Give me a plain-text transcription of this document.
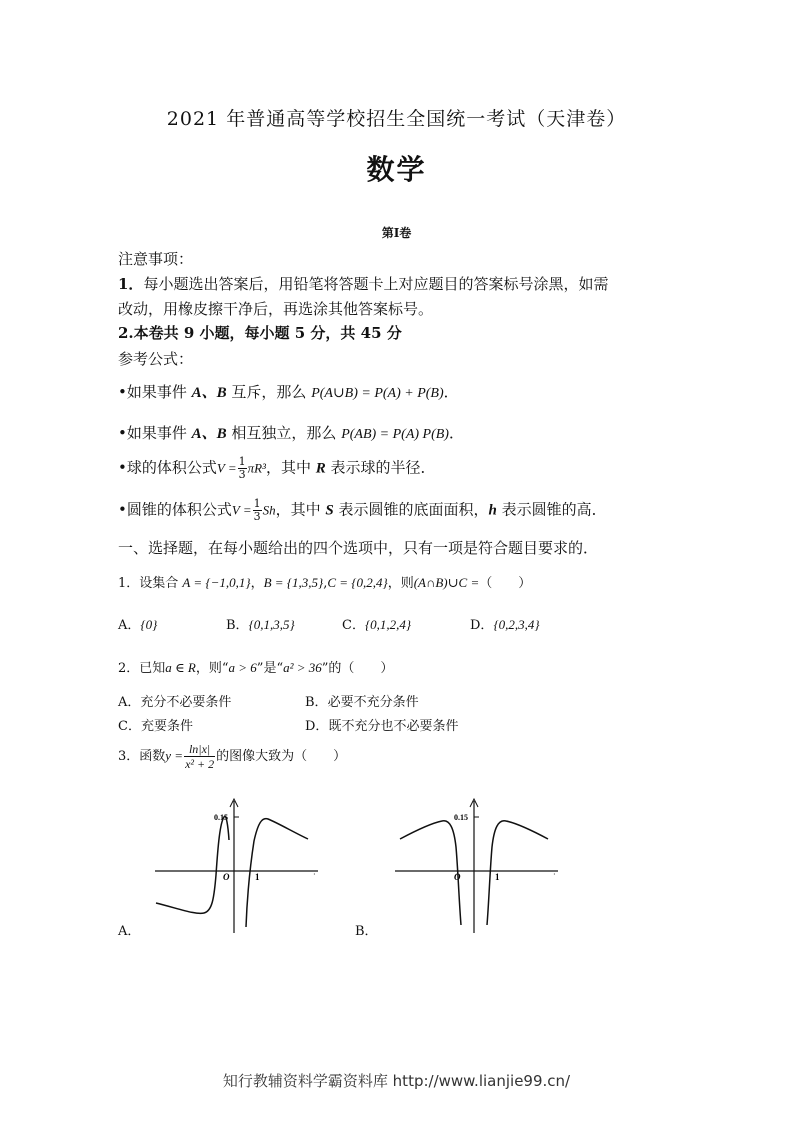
2021 年普通高等学校招生全国统一考试（天津卷）
数学
第I卷
注意事项：
1．每小题选出答案后，用铅笔将答题卡上对应题目的答案标号涂黑，如需
改动，用橡皮擦干净后，再选涂其他答案标号。
2.本卷共 9 小题，每小题 5 分，共 45 分
参考公式：
•如果事件 A、B 互斥，那么 P(A∪B) = P(A) + P(B)．
•如果事件 A、B 相互独立，那么 P(AB) = P(A) P(B)．
•球的体积公式$V = \frac{1}{3} \pi R^3$，其中 R 表示球的半径．
•圆锥的体积公式$V = \frac{1}{3}$ Sh，其中 S 表示圆锥的底面面积，h 表示圆锥的高．
一、选择题，在每小题给出的四个选项中，只有一项是符合题目要求的．
1．设集合 A = {−1,0,1}，B = {1,3,5},C = {0,2,4}，则(A∩B)∪C =（　　）
A．{0}	B．{0,1,3,5}	C．{0,1,2,4}	D．{0,2,3,4}
2．已知a ∈ R，则“a > 6”是“a² > 36”的（　　）
A．充分不必要条件	B．必要不充分条件
C．充要条件	D．既不充分也不必要条件
3．函数$y = \frac{\ln|x|}{\text{x² + 2}}$ 的图像大致为（　　）
0.15
O	1	·
A．
0.15
O	1	·
B．
知行教辅资料学霸资料库 http://www.lianjie99.cn/
